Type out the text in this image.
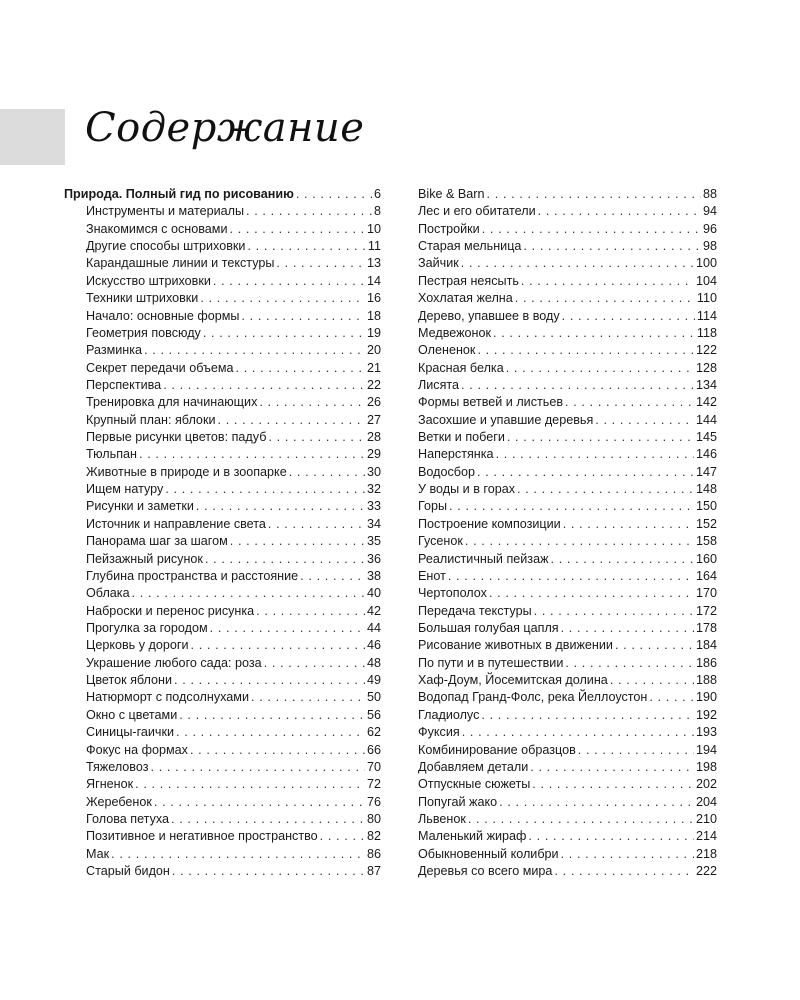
Содержание
Природа. Полный гид по рисованию . . .	6
Инструменты и материалы . . .	8
Знакомимся с основами . . .	10
Другие способы штриховки . . .	11
Карандашные линии и текстуры . . .	13
Искусство штриховки . . .	14
Техники штриховки . . .	16
Начало: основные формы . . .	18
Геометрия повсюду . . .	19
Разминка . . .	20
Секрет передачи объема . . .	21
Перспектива . . .	22
Тренировка для начинающих . . .	26
Крупный план: яблоки . . .	27
Первые рисунки цветов: падуб . . .	28
Тюльпан . . .	29
Животные в природе и в зоопарке . . .	30
Ищем натуру . . .	32
Рисунки и заметки . . .	33
Источник и направление света . . .	34
Панорама шаг за шагом . . .	35
Пейзажный рисунок . . .	36
Глубина пространства и расстояние . . .	38
Облака . . .	40
Наброски и перенос рисунка . . .	42
Прогулка за городом . . .	44
Церковь у дороги . . .	46
Украшение любого сада: роза . . .	48
Цветок яблони . . .	49
Натюрморт с подсолнухами . . .	50
Окно с цветами . . .	56
Синицы-гаички . . .	62
Фокус на формах . . .	66
Тяжеловоз . . .	70
Ягненок . . .	72
Жеребенок . . .	76
Голова петуха . . .	80
Позитивное и негативное пространство . . .	82
Мак . . .	86
Старый бидон . . .	87
Bike & Barn . . .	88
Лес и его обитатели . . .	94
Постройки . . .	96
Старая мельница . . .	98
Зайчик . . .	100
Пестрая неясыть . . .	104
Хохлатая желна . . .	110
Дерево, упавшее в воду . . .	114
Медвежонок . . .	118
Олененок . . .	122
Красная белка . . .	128
Лисята . . .	134
Формы ветвей и листьев . . .	142
Засохшие и упавшие деревья . . .	144
Ветки и побеги . . .	145
Наперстянка . . .	146
Водосбор . . .	147
У воды и в горах . . .	148
Горы . . .	150
Построение композиции . . .	152
Гусенок . . .	158
Реалистичный пейзаж . . .	160
Енот . . .	164
Чертополох . . .	170
Передача текстуры . . .	172
Большая голубая цапля . . .	178
Рисование животных в движении . . .	184
По пути и в путешествии . . .	186
Хаф-Доум, Йосемитская долина . . .	188
Водопад Гранд-Фолс, река Йеллоустон . . .	190
Гладиолус . . .	192
Фуксия . . .	193
Комбинирование образцов . . .	194
Добавляем детали . . .	198
Отпускные сюжеты . . .	202
Попугай жако . . .	204
Львенок . . .	210
Маленький жираф . . .	214
Обыкновенный колибри . . .	218
Деревья со всего мира . . .	222
